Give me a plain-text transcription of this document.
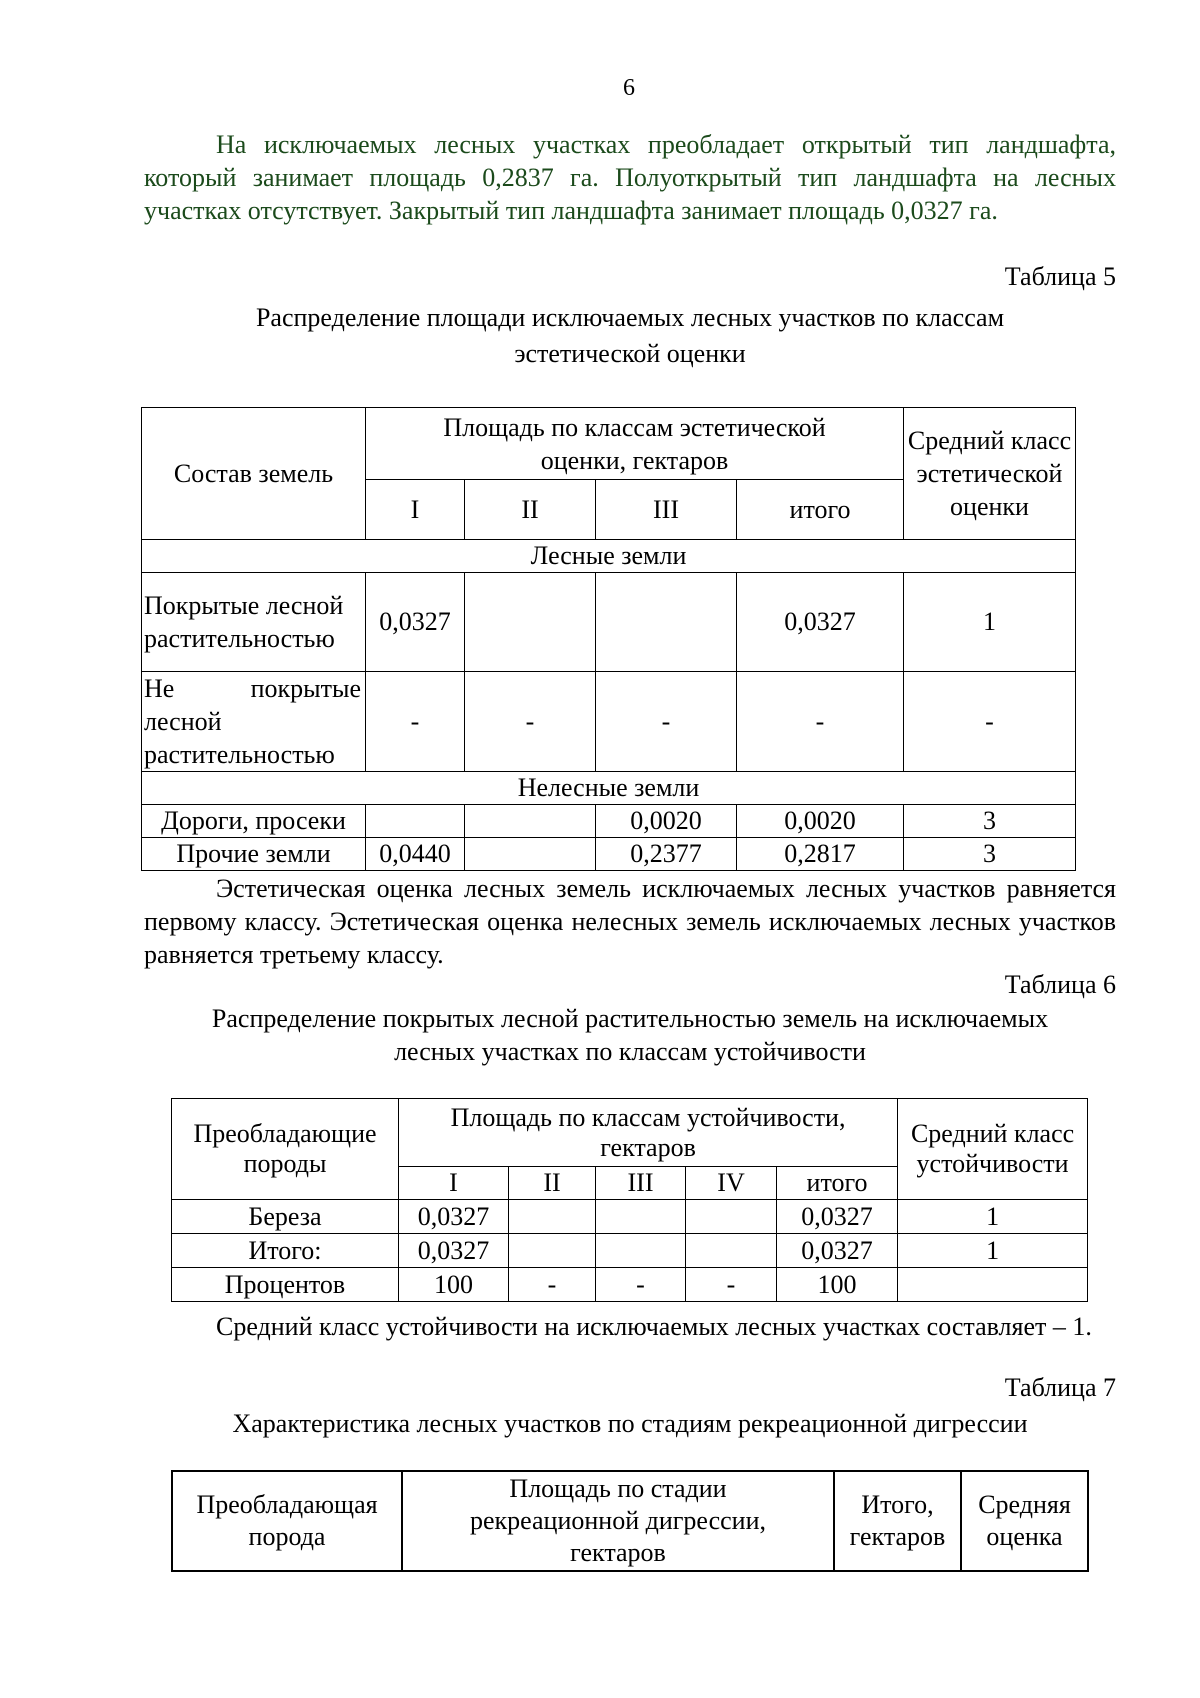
6
На исключаемых лесных участках преобладает открытый тип ландшафта, который занимает площадь 0,2837 га. Полуоткрытый тип ландшафта на лесных участках отсутствует. Закрытый тип ландшафта занимает площадь 0,0327 га.
Таблица 5
Распределение площади исключаемых лесных участков по классам
эстетической оценки
Состав земель	Площадь по классам эстетической оценки, гектаров				Средний класс эстетической оценки
	I	II	III	итого	
Лесные земли					
Покрытые лесной растительностью	0,0327			0,0327	1

Не покрытые
лесной растительностью	-	-	-	-	-
Нелесные земли					
Дороги, просеки			0,0020	0,0020	3
Прочие земли	0,0440		0,2377	0,2817	3
Эстетическая оценка лесных земель исключаемых лесных участков равняется первому классу. Эстетическая оценка нелесных земель исключаемых лесных участков равняется третьему классу.
Таблица 6
Распределение покрытых лесной растительностью земель на исключаемых
лесных участках по классам устойчивости
Преобладающие породы	Площадь по классам устойчивости, гектаров					Средний класс устойчивости
	I	II	III	IV	итого	
Береза	0,0327				0,0327	1
Итого:	0,0327				0,0327	1
Процентов	100	-	-	-	100	
Средний класс устойчивости на исключаемых лесных участках составляет – 1.
Таблица 7
Характеристика лесных участков по стадиям рекреационной дигрессии
Преобладающая порода	Площадь по стадии рекреационной дигрессии, гектаров	Итого, гектаров	Средняя оценка
